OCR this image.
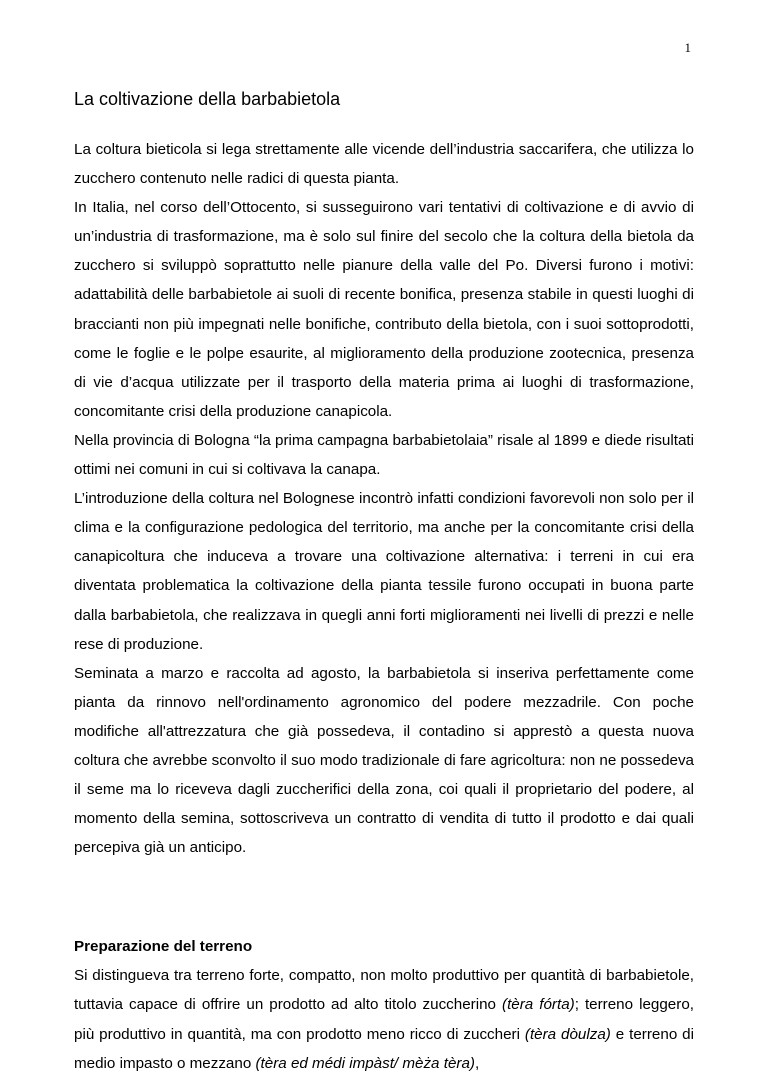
1
La coltivazione della barbabietola

La coltura bieticola si lega strettamente alle vicende dell’industria saccarifera, che utilizza lo zucchero contenuto nelle radici di questa pianta.

In Italia, nel corso dell’Ottocento, si susseguirono vari tentativi di coltivazione e di avvio di un’industria di trasformazione, ma è solo sul finire del secolo che la coltura della bietola da zucchero si sviluppò soprattutto nelle pianure della valle del Po. Diversi furono i motivi: adattabilità delle barbabietole ai suoli di recente bonifica, presenza stabile in questi luoghi di braccianti non più impegnati nelle bonifiche, contributo della bietola, con i suoi sottoprodotti, come le foglie e le polpe esaurite, al miglioramento della produzione zootecnica, presenza di vie d’acqua utilizzate per il trasporto della materia prima ai luoghi di trasformazione, concomitante crisi della produzione canapicola.

Nella provincia di Bologna “la prima campagna barbabietolaia” risale al 1899 e diede risultati ottimi nei comuni in cui si coltivava la canapa.

L’introduzione della coltura nel Bolognese incontrò infatti condizioni favorevoli non solo per il clima e la configurazione pedologica del territorio, ma anche per la concomitante crisi della canapicoltura che induceva a trovare una coltivazione alternativa: i terreni in cui era diventata problematica la coltivazione della pianta tessile furono occupati in buona parte dalla barbabietola, che realizzava in quegli anni forti miglioramenti nei livelli di prezzi e nelle rese di produzione.

Seminata a marzo e raccolta ad agosto, la barbabietola si inseriva perfettamente come pianta da rinnovo nell'ordinamento agronomico del podere mezzadrile. Con poche modifiche all'attrezzatura che già possedeva, il contadino si apprestò a questa nuova coltura che avrebbe sconvolto il suo modo tradizionale di fare agricoltura: non ne possedeva il seme ma lo riceveva dagli zuccherifici della zona, coi quali il proprietario del podere, al momento della semina, sottoscriveva un contratto di vendita di tutto il prodotto e dai quali percepiva già un anticipo.

Preparazione del terreno

Si distingueva tra terreno forte, compatto, non molto produttivo per quantità di barbabietole, tuttavia capace di offrire un prodotto ad alto titolo zuccherino (tèra fórta); terreno leggero, più produttivo in quantità, ma con prodotto meno ricco di zuccheri (tèra dòulza) e terreno di medio impasto o mezzano (tèra ed médi impàst/ mèża tèra),
